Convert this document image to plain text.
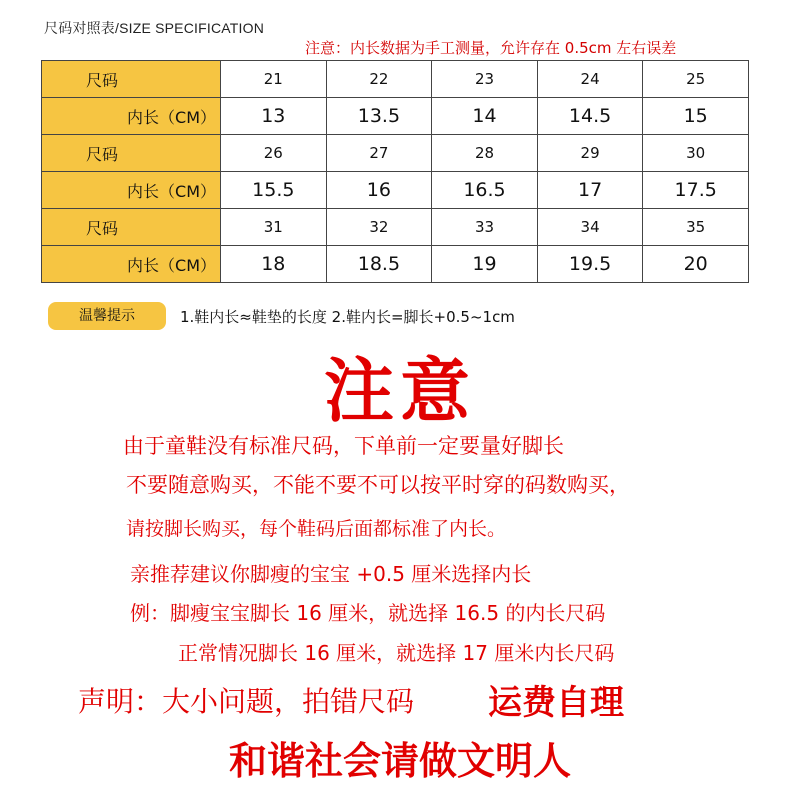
尺码对照表/SIZE SPECIFICATION
注意：内长数据为手工测量，允许存在 0.5cm 左右误差
尺码	21	22	23	24	25
内长（CM）	13	13.5	14	14.5	15
尺码	26	27	28	29	30
内长（CM）	15.5	16	16.5	17	17.5
尺码	31	32	33	34	35
内长（CM）	18	18.5	19	19.5	20
温馨提示	1.鞋内长≈鞋垫的长度 2.鞋内长=脚长+0.5~1cm
注意
由于童鞋没有标准尺码，下单前一定要量好脚长
不要随意购买，不能不要不可以按平时穿的码数购买，
请按脚长购买，每个鞋码后面都标准了内长。
亲推荐建议你脚瘦的宝宝 +0.5 厘米选择内长
例：脚瘦宝宝脚长 16 厘米，就选择 16.5 的内长尺码
正常情况脚长 16 厘米，就选择 17 厘米内长尺码
声明：大小问题，拍错尺码 运费自理
和谐社会请做文明人
